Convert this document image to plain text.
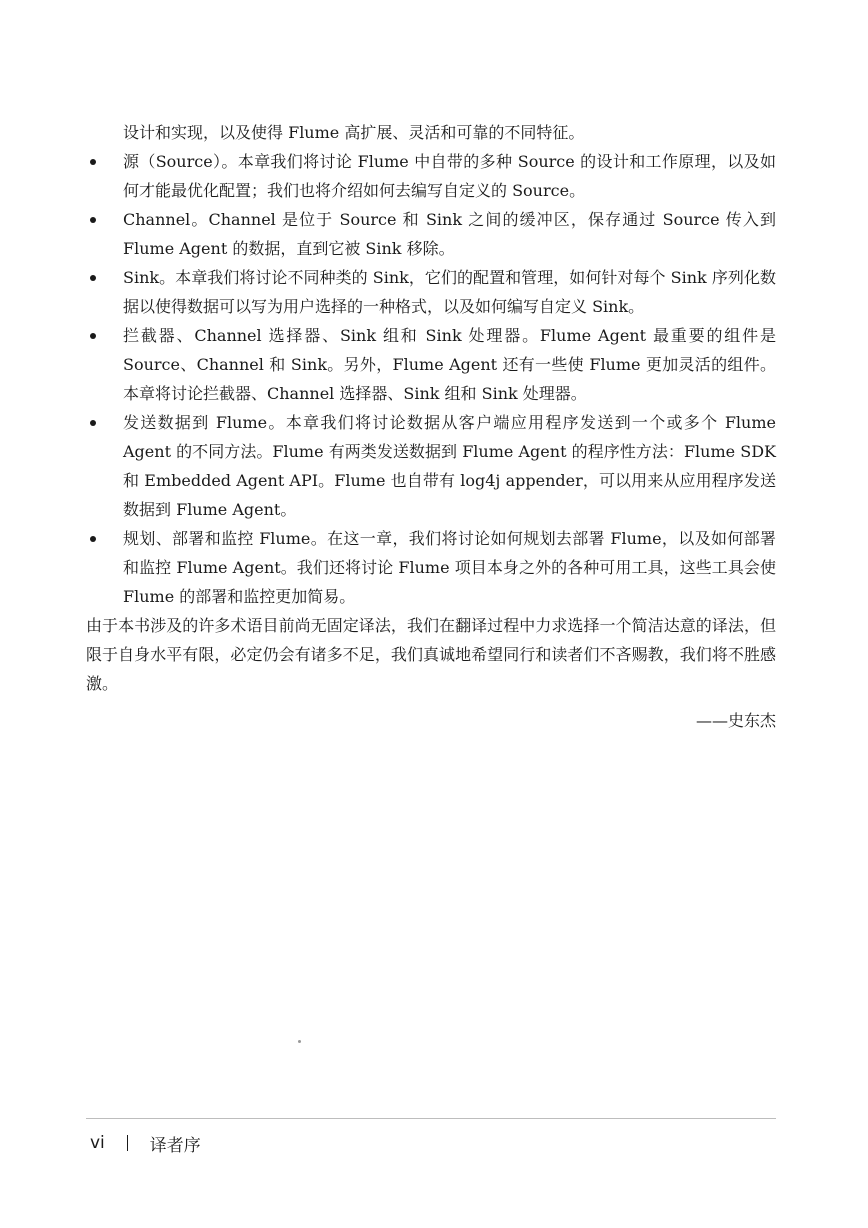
设计和实现，以及使得 Flume 高扩展、灵活和可靠的不同特征。

源（Source）。本章我们将讨论 Flume 中自带的多种 Source 的设计和工作原理，以及如何才能最优化配置；我们也将介绍如何去编写自定义的 Source。
Channel。Channel 是位于 Source 和 Sink 之间的缓冲区，保存通过 Source 传入到 Flume Agent 的数据，直到它被 Sink 移除。
Sink。本章我们将讨论不同种类的 Sink，它们的配置和管理，如何针对每个 Sink 序列化数据以使得数据可以写为用户选择的一种格式，以及如何编写自定义 Sink。
拦截器、Channel 选择器、Sink 组和 Sink 处理器。Flume Agent 最重要的组件是 Source、Channel 和 Sink。另外，Flume Agent 还有一些使 Flume 更加灵活的组件。本章将讨论拦截器、Channel 选择器、Sink 组和 Sink 处理器。
发送数据到 Flume。本章我们将讨论数据从客户端应用程序发送到一个或多个 Flume Agent 的不同方法。Flume 有两类发送数据到 Flume Agent 的程序性方法：Flume SDK 和 Embedded Agent API。Flume 也自带有 log4j appender，可以用来从应用程序发送数据到 Flume Agent。
规划、部署和监控 Flume。在这一章，我们将讨论如何规划去部署 Flume，以及如何部署和监控 Flume Agent。我们还将讨论 Flume 项目本身之外的各种可用工具，这些工具会使 Flume 的部署和监控更加简易。

由于本书涉及的许多术语目前尚无固定译法，我们在翻译过程中力求选择一个简洁达意的译法，但限于自身水平有限，必定仍会有诸多不足，我们真诚地希望同行和读者们不吝赐教，我们将不胜感激。

——史东杰

vi	译者序
